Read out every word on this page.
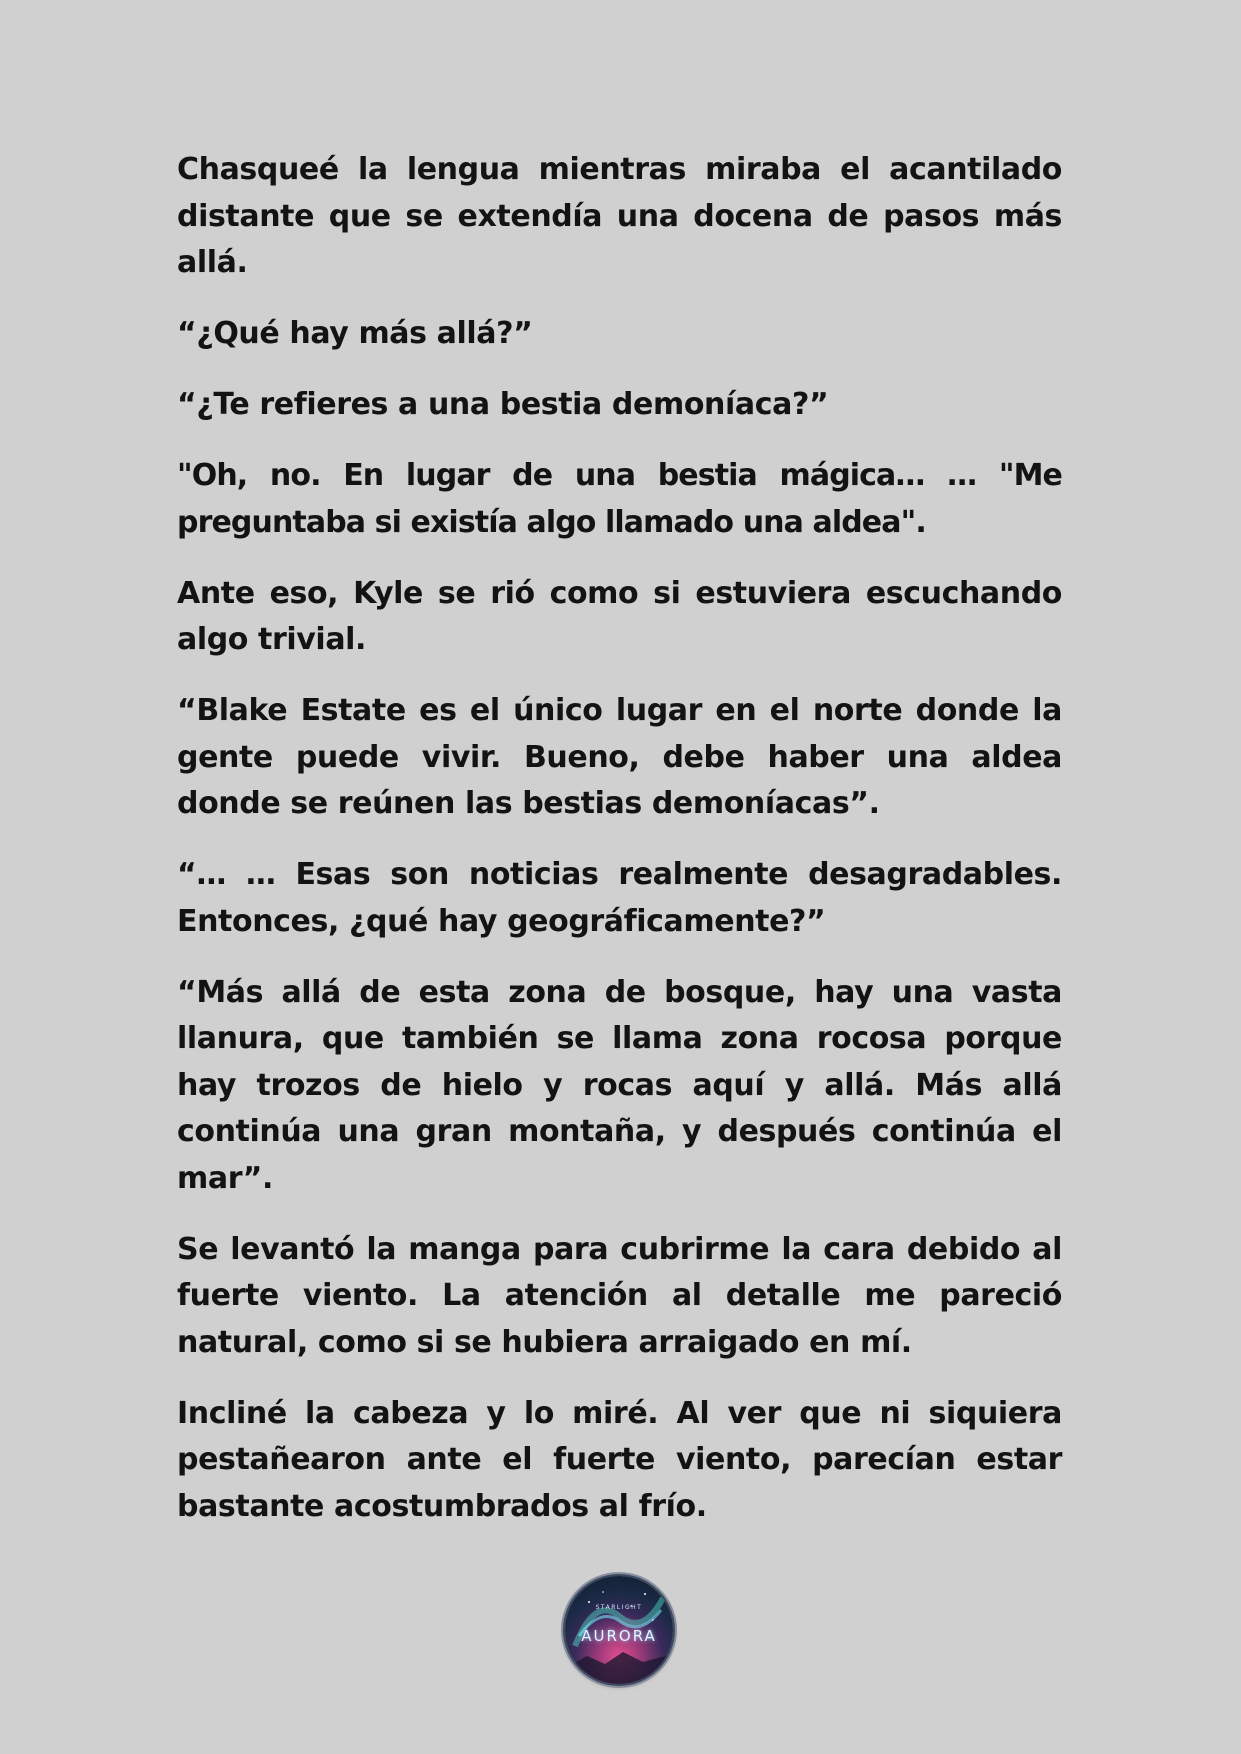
Chasqueé la lengua mientras miraba el acantilado distante que se extendía una docena de pasos más allá.

“¿Qué hay más allá?”

“¿Te refieres a una bestia demoníaca?”

"Oh, no. En lugar de una bestia mágica… … "Me preguntaba si existía algo llamado una aldea".

Ante eso, Kyle se rió como si estuviera escuchando algo trivial.

“Blake Estate es el único lugar en el norte donde la gente puede vivir. Bueno, debe haber una aldea donde se reúnen las bestias demoníacas”.

“… … Esas son noticias realmente desagradables. Entonces, ¿qué hay geográficamente?”

“Más allá de esta zona de bosque, hay una vasta llanura, que también se llama zona rocosa porque hay trozos de hielo y rocas aquí y allá. Más allá continúa una gran montaña, y después continúa el mar”.

Se levantó la manga para cubrirme la cara debido al fuerte viento. La atención al detalle me pareció natural, como si se hubiera arraigado en mí.

Incliné la cabeza y lo miré. Al ver que ni siquiera pestañearon ante el fuerte viento, parecían estar bastante acostumbrados al frío.

STARLIGHT
AURORA
